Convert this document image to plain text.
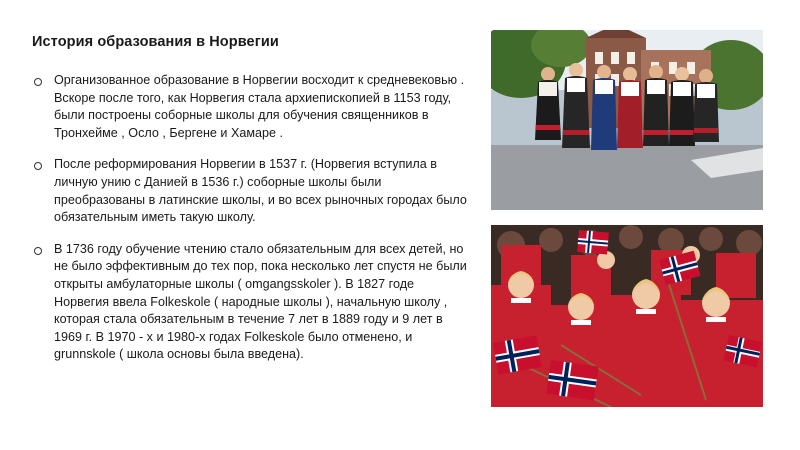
История образования в Норвегии
Организованное образование в Норвегии восходит к средневековью . Вскоре после того, как Норвегия стала архиепископией в 1153 году, были построены соборные школы для обучения священников в Тронхейме , Осло , Бергене и Хамаре .
После реформирования Норвегии в 1537 г. (Норвегия вступила в личную унию с Данией в 1536 г.) соборные школы были преобразованы в латинские школы, и во всех рыночных городах было обязательным иметь такую школу.
В 1736 году обучение чтению стало обязательным для всех детей, но не было эффективным до тех пор, пока несколько лет спустя не были открыты амбулаторные школы ( omgangsskoler ). В 1827 годе Норвегия ввела Folkeskole ( народные школы ), начальную школу , которая стала обязательным в течение 7 лет в 1889 году и 9 лет в 1969 г. В 1970 - х и 1980-х годах Folkeskole было отменено, и grunnskole ( школа основы была введена).
